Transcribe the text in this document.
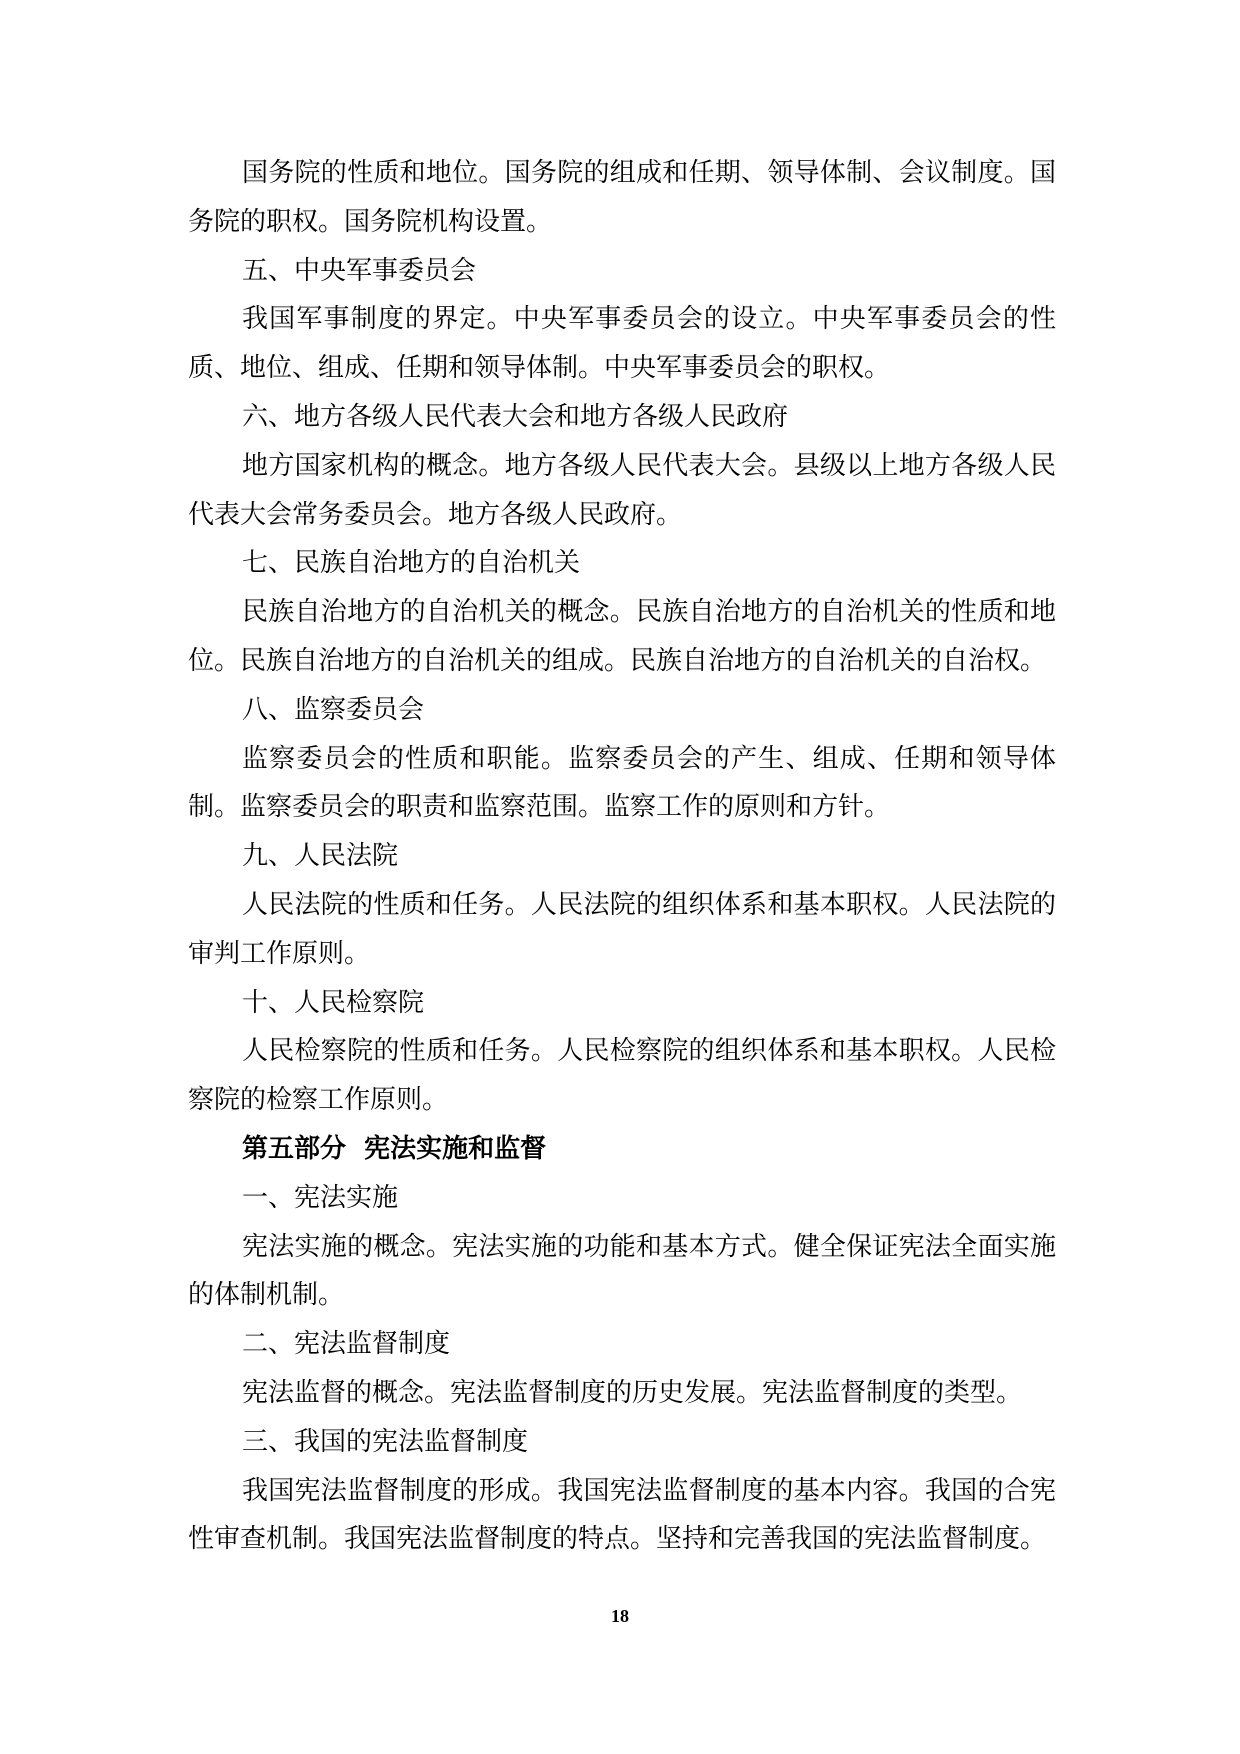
国务院的性质和地位。国务院的组成和任期、领导体制、会议制度。国务院的职权。国务院机构设置。

五、中央军事委员会

我国军事制度的界定。中央军事委员会的设立。中央军事委员会的性质、地位、组成、任期和领导体制。中央军事委员会的职权。

六、地方各级人民代表大会和地方各级人民政府

地方国家机构的概念。地方各级人民代表大会。县级以上地方各级人民代表大会常务委员会。地方各级人民政府。

七、民族自治地方的自治机关

民族自治地方的自治机关的概念。民族自治地方的自治机关的性质和地位。民族自治地方的自治机关的组成。民族自治地方的自治机关的自治权。

八、监察委员会

监察委员会的性质和职能。监察委员会的产生、组成、任期和领导体制。监察委员会的职责和监察范围。监察工作的原则和方针。

九、人民法院

人民法院的性质和任务。人民法院的组织体系和基本职权。人民法院的审判工作原则。

十、人民检察院

人民检察院的性质和任务。人民检察院的组织体系和基本职权。人民检察院的检察工作原则。

第五部分  宪法实施和监督

一、宪法实施

宪法实施的概念。宪法实施的功能和基本方式。健全保证宪法全面实施的体制机制。

二、宪法监督制度

宪法监督的概念。宪法监督制度的历史发展。宪法监督制度的类型。

三、我国的宪法监督制度

我国宪法监督制度的形成。我国宪法监督制度的基本内容。我国的合宪性审查机制。我国宪法监督制度的特点。坚持和完善我国的宪法监督制度。

18
